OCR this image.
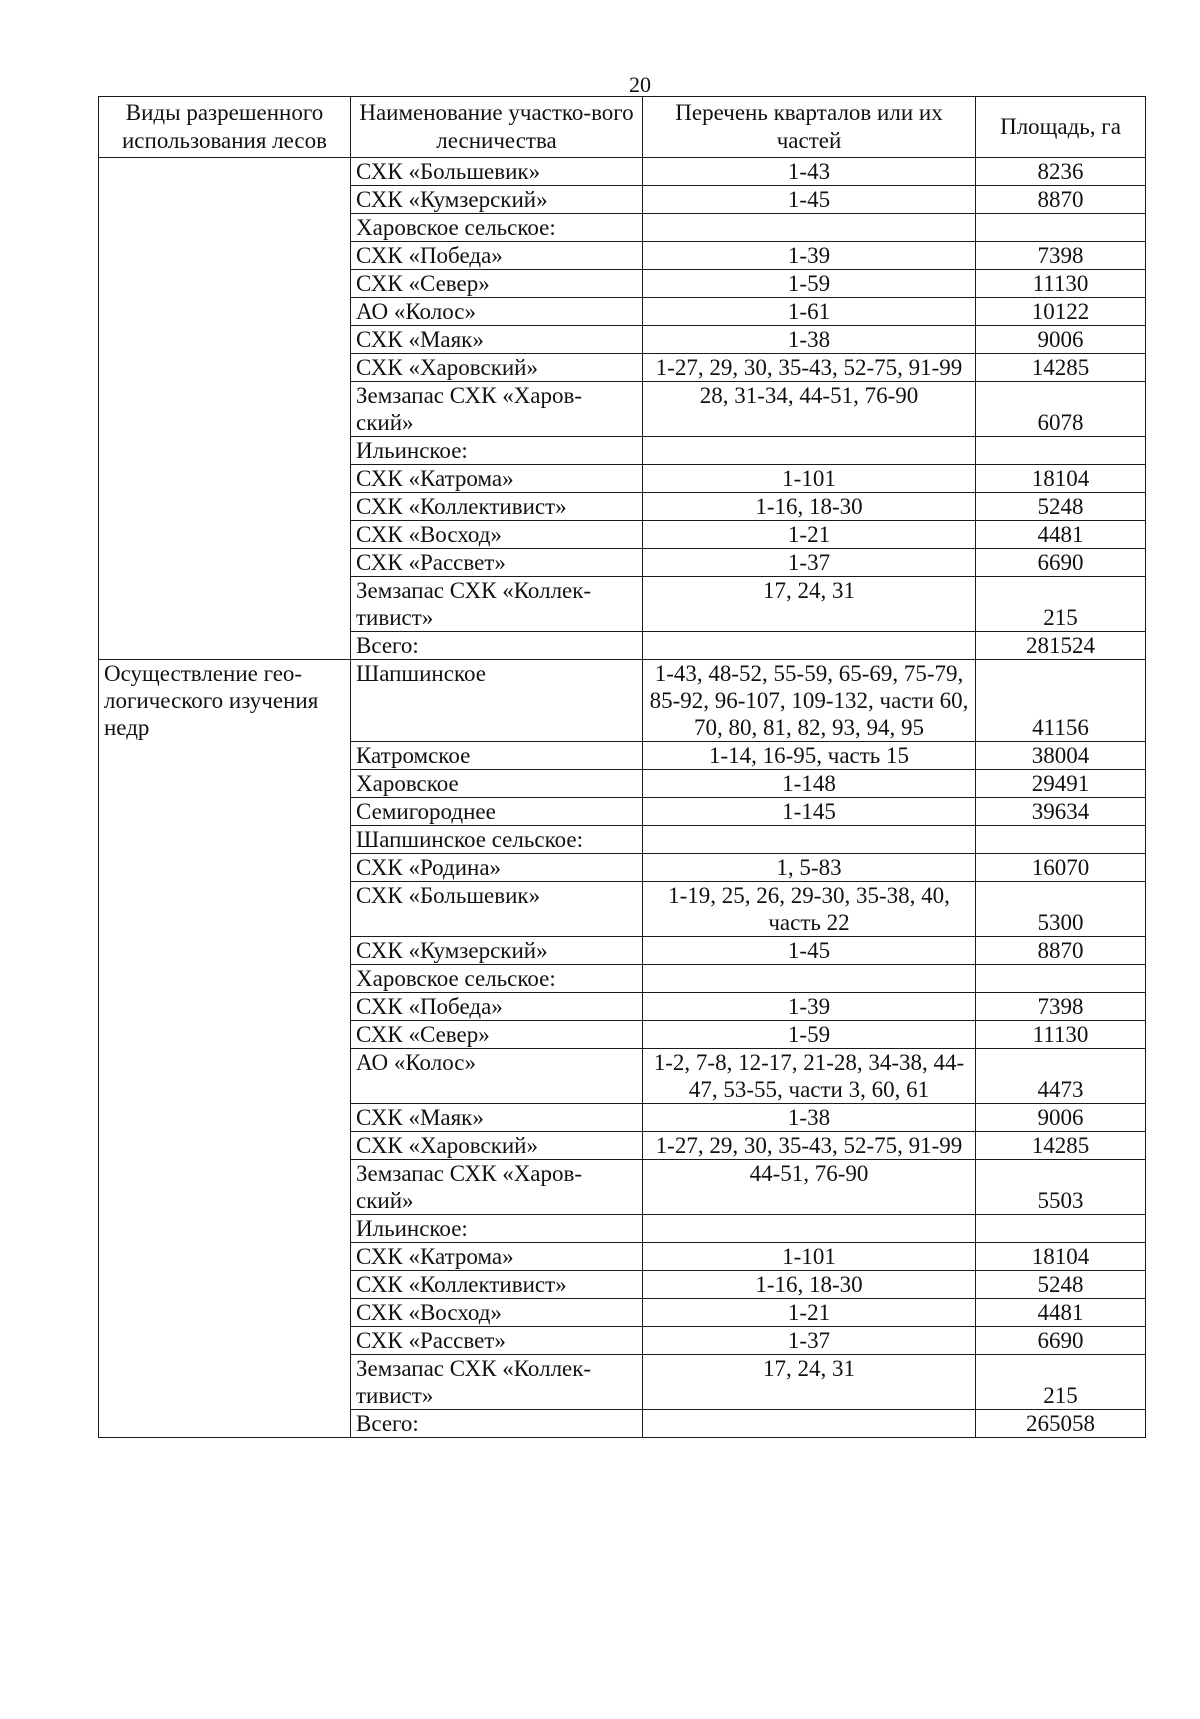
20
Виды разрешенного использования лесов	Наименование участко-вого лесничества	Перечень кварталов или их частей	Площадь, га
	СХК «Большевик»	1-43	8236
	СХК «Кумзерский»	1-45	8870
	Харовское сельское:		
	СХК «Победа»	1-39	7398
	СХК «Север»	1-59	11130
	АО «Колос»	1-61	10122
	СХК «Маяк»	1-38	9006
	СХК «Харовский»	1-27, 29, 30, 35-43, 52-75, 91-99	14285
	Земзапас СХК «Харов-ский»	28, 31-34, 44-51, 76-90	6078
	Ильинское:		
	СХК «Катрома»	1-101	18104
	СХК «Коллективист»	1-16, 18-30	5248
	СХК «Восход»	1-21	4481
	СХК «Рассвет»	1-37	6690
	Земзапас СХК «Коллек-тивист»	17, 24, 31	215
	Всего:		281524
Осуществление гео-логического изучения недр	Шапшинское	1-43, 48-52, 55-59, 65-69, 75-79, 85-92, 96-107, 109-132, части 60, 70, 80, 81, 82, 93, 94, 95	41156
	Катромское	1-14, 16-95, часть 15	38004
	Харовское	1-148	29491
	Семигороднее	1-145	39634
	Шапшинское сельское:		
	СХК «Родина»	1, 5-83	16070
	СХК «Большевик»	1-19, 25, 26, 29-30, 35-38, 40, часть 22	5300
	СХК «Кумзерский»	1-45	8870
	Харовское сельское:		
	СХК «Победа»	1-39	7398
	СХК «Север»	1-59	11130
	АО «Колос»	1-2, 7-8, 12-17, 21-28, 34-38, 44-47, 53-55, части 3, 60, 61	4473
	СХК «Маяк»	1-38	9006
	СХК «Харовский»	1-27, 29, 30, 35-43, 52-75, 91-99	14285
	Земзапас СХК «Харов-ский»	44-51, 76-90	5503
	Ильинское:		
	СХК «Катрома»	1-101	18104
	СХК «Коллективист»	1-16, 18-30	5248
	СХК «Восход»	1-21	4481
	СХК «Рассвет»	1-37	6690
	Земзапас СХК «Коллек-тивист»	17, 24, 31	215
	Всего:		265058
